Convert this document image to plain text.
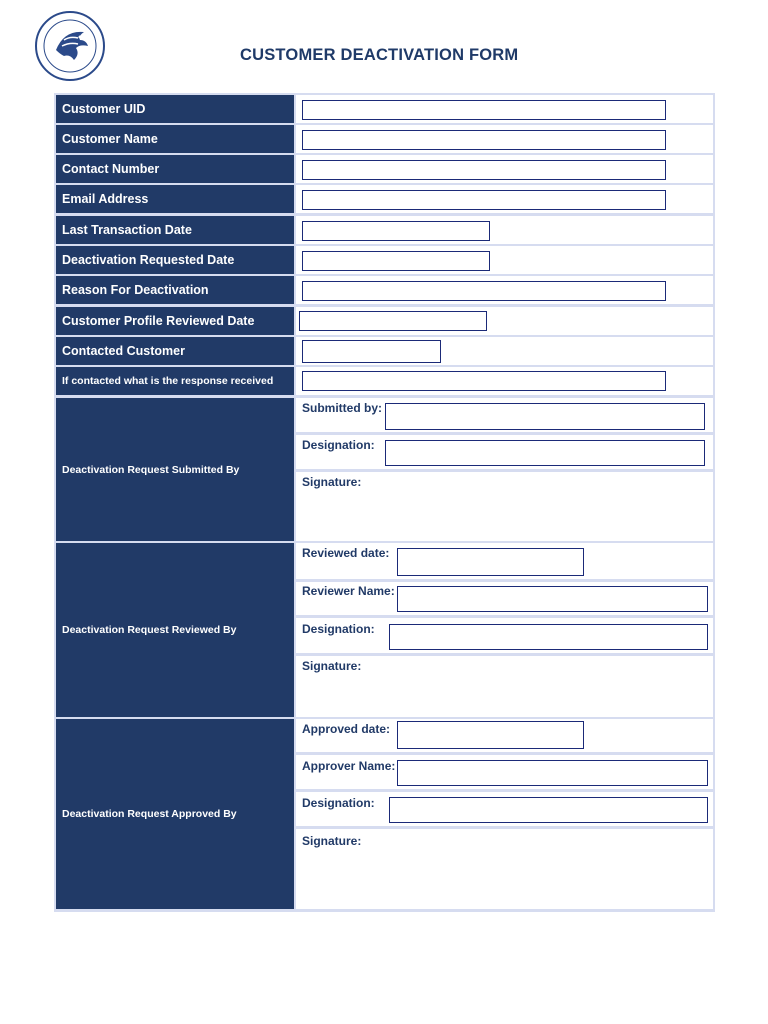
CUSTOMER DEACTIVATION FORM
Customer UID
Customer Name
Contact Number
Email Address
Last Transaction Date
Deactivation Requested Date
Reason For Deactivation
Customer Profile Reviewed Date
Contacted Customer
If contacted what is the response received
Deactivation Request Submitted By
Submitted by:
Designation:
Signature:
Deactivation Request Reviewed By
Reviewed date:
Reviewer Name:
Designation:
Signature:
Deactivation Request Approved By
Approved date:
Approver Name:
Designation:
Signature:
